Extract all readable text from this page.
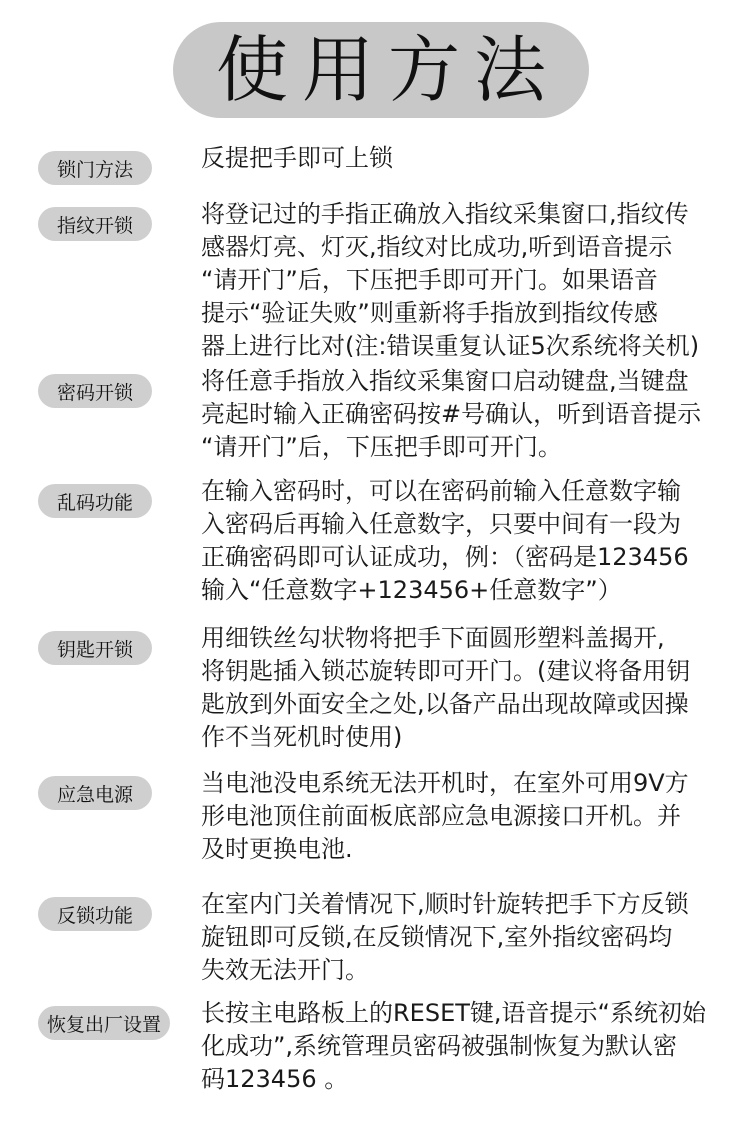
使用方法
锁门方法	反提把手即可上锁
指纹开锁	将登记过的手指正确放入指纹采集窗口,指纹传
感器灯亮、灯灭,指纹对比成功,听到语音提示
“请开门”后，下压把手即可开门。如果语音
提示“验证失败”则重新将手指放到指纹传感
器上进行比对(注:错误重复认证5次系统将关机)
密码开锁	将任意手指放入指纹采集窗口启动键盘,当键盘
亮起时输入正确密码按#号确认，听到语音提示
“请开门”后，下压把手即可开门。
乱码功能	在输入密码时，可以在密码前输入任意数字输
入密码后再输入任意数字，只要中间有一段为
正确密码即可认证成功，例：（密码是123456
输入“任意数字+123456+任意数字”）
钥匙开锁	用细铁丝勾状物将把手下面圆形塑料盖揭开,
将钥匙插入锁芯旋转即可开门。(建议将备用钥
匙放到外面安全之处,以备产品出现故障或因操
作不当死机时使用)
应急电源	当电池没电系统无法开机时，在室外可用9V方
形电池顶住前面板底部应急电源接口开机。并
及时更换电池.
反锁功能	在室内门关着情况下,顺时针旋转把手下方反锁
旋钮即可反锁,在反锁情况下,室外指纹密码均
失效无法开门。
恢复出厂设置	长按主电路板上的RESET键,语音提示“系统初始
化成功”,系统管理员密码被强制恢复为默认密
码123456 。
